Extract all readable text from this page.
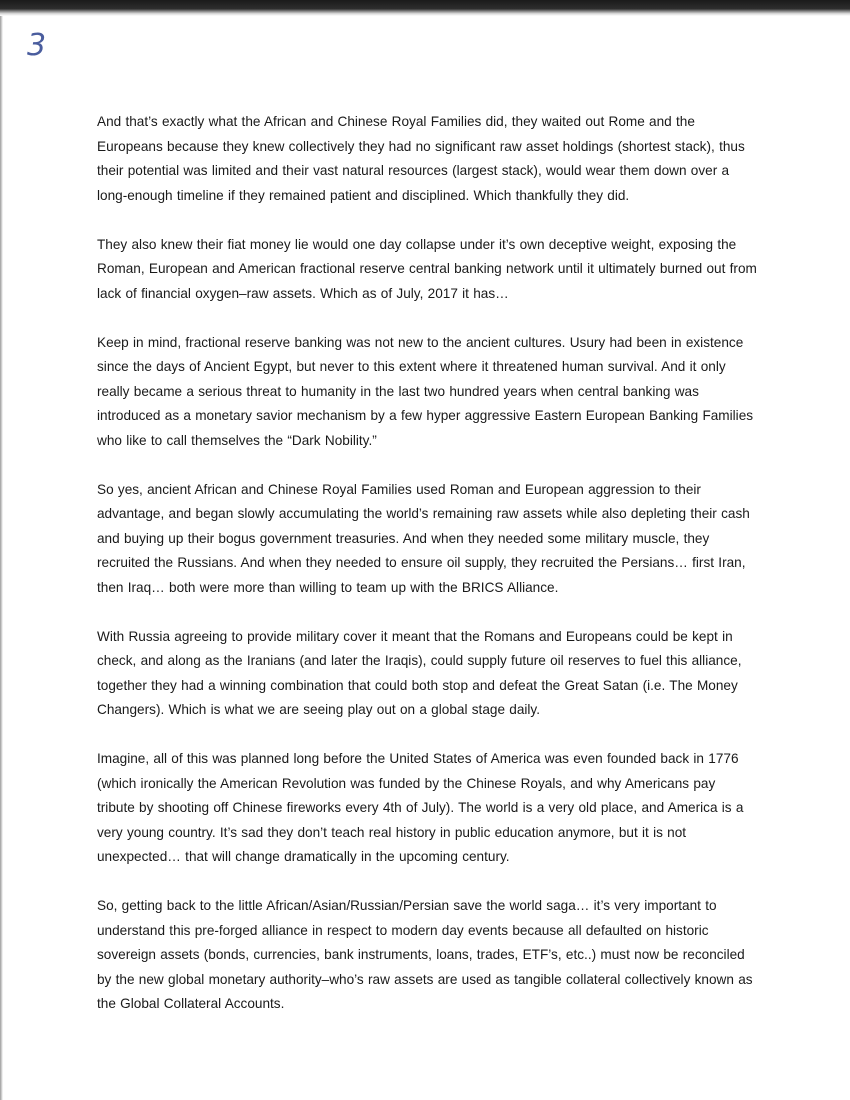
3

And that’s exactly what the African and Chinese Royal Families did, they waited out Rome and the Europeans because they knew collectively they had no significant raw asset holdings (shortest stack), thus their potential was limited and their vast natural resources (largest stack), would wear them down over a long-enough timeline if they remained patient and disciplined. Which thankfully they did.

They also knew their fiat money lie would one day collapse under it’s own deceptive weight, exposing the Roman, European and American fractional reserve central banking network until it ultimately burned out from lack of financial oxygen–raw assets. Which as of July, 2017 it has…

Keep in mind, fractional reserve banking was not new to the ancient cultures. Usury had been in existence since the days of Ancient Egypt, but never to this extent where it threatened human survival. And it only really became a serious threat to humanity in the last two hundred years when central banking was introduced as a monetary savior mechanism by a few hyper aggressive Eastern European Banking Families who like to call themselves the “Dark Nobility.”

So yes, ancient African and Chinese Royal Families used Roman and European aggression to their advantage, and began slowly accumulating the world’s remaining raw assets while also depleting their cash and buying up their bogus government treasuries. And when they needed some military muscle, they recruited the Russians. And when they needed to ensure oil supply, they recruited the Persians… first Iran, then Iraq… both were more than willing to team up with the BRICS Alliance.

With Russia agreeing to provide military cover it meant that the Romans and Europeans could be kept in check, and along as the Iranians (and later the Iraqis), could supply future oil reserves to fuel this alliance, together they had a winning combination that could both stop and defeat the Great Satan (i.e. The Money Changers). Which is what we are seeing play out on a global stage daily.

Imagine, all of this was planned long before the United States of America was even founded back in 1776 (which ironically the American Revolution was funded by the Chinese Royals, and why Americans pay tribute by shooting off Chinese fireworks every 4th of July). The world is a very old place, and America is a very young country. It’s sad they don’t teach real history in public education anymore, but it is not unexpected… that will change dramatically in the upcoming century.

So, getting back to the little African/Asian/Russian/Persian save the world saga… it’s very important to understand this pre-forged alliance in respect to modern day events because all defaulted on historic sovereign assets (bonds, currencies, bank instruments, loans, trades, ETF’s, etc..) must now be reconciled by the new global monetary authority–who’s raw assets are used as tangible collateral collectively known as the Global Collateral Accounts.
